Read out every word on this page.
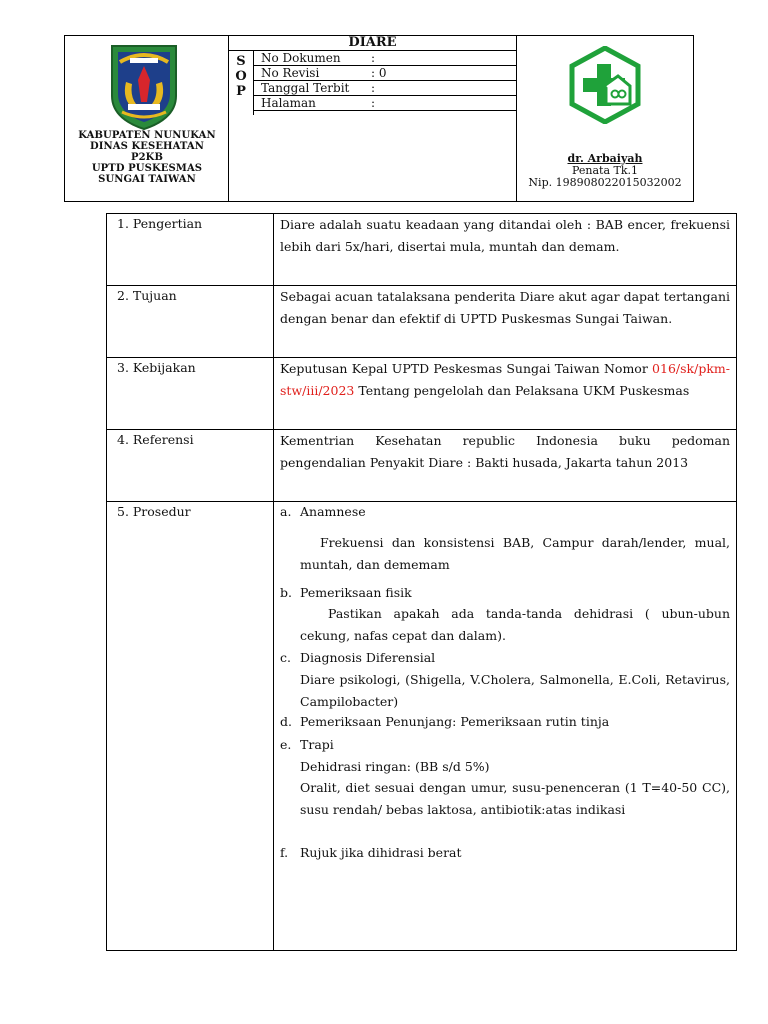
KABUPATEN NUNUKAN
DINAS KESEHATAN
P2KB
UPTD PUSKESMAS
SUNGAI TAIWAN
DIARE
S
O
P
No Dokumen	:
No Revisi	: 0
Tanggal Terbit :
Halaman	:
dr. Arbaiyah
Penata Tk.1
Nip. 198908022015032002
1. Pengertian	Diare adalah suatu keadaan yang ditandai oleh : BAB encer, frekuensi lebih dari 5x/hari, disertai mula, muntah dan demam.
2. Tujuan	Sebagai acuan tatalaksana penderita Diare akut agar dapat tertangani dengan benar dan efektif di UPTD Puskesmas Sungai Taiwan.
3. Kebijakan	Keputusan Kepal UPTD Peskesmas Sungai Taiwan Nomor 016/sk/pkm-stw/iii/2023 Tentang pengelolah dan Pelaksana UKM Puskesmas
4. Referensi	Kementrian Kesehatan republic Indonesia buku pedoman pengendalian Penyakit Diare : Bakti husada, Jakarta tahun 2013
5. Prosedur	a. Anamnese
Frekuensi dan konsistensi BAB, Campur darah/lender, mual, muntah, dan dememam
b. Pemeriksaan fisik
Pastikan apakah ada tanda-tanda dehidrasi ( ubun-ubun cekung, nafas cepat dan dalam).
c. Diagnosis Diferensial
Diare psikologi, (Shigella, V.Cholera, Salmonella, E.Coli, Retavirus, Campilobacter)
d. Pemeriksaan Penunjang: Pemeriksaan rutin tinja
e. Trapi
Dehidrasi ringan: (BB s/d 5%)
Oralit, diet sesuai dengan umur, susu-penenceran (1 T=40-50 CC), susu rendah/ bebas laktosa, antibiotik:atas indikasi
f. Rujuk jika dihidrasi berat
